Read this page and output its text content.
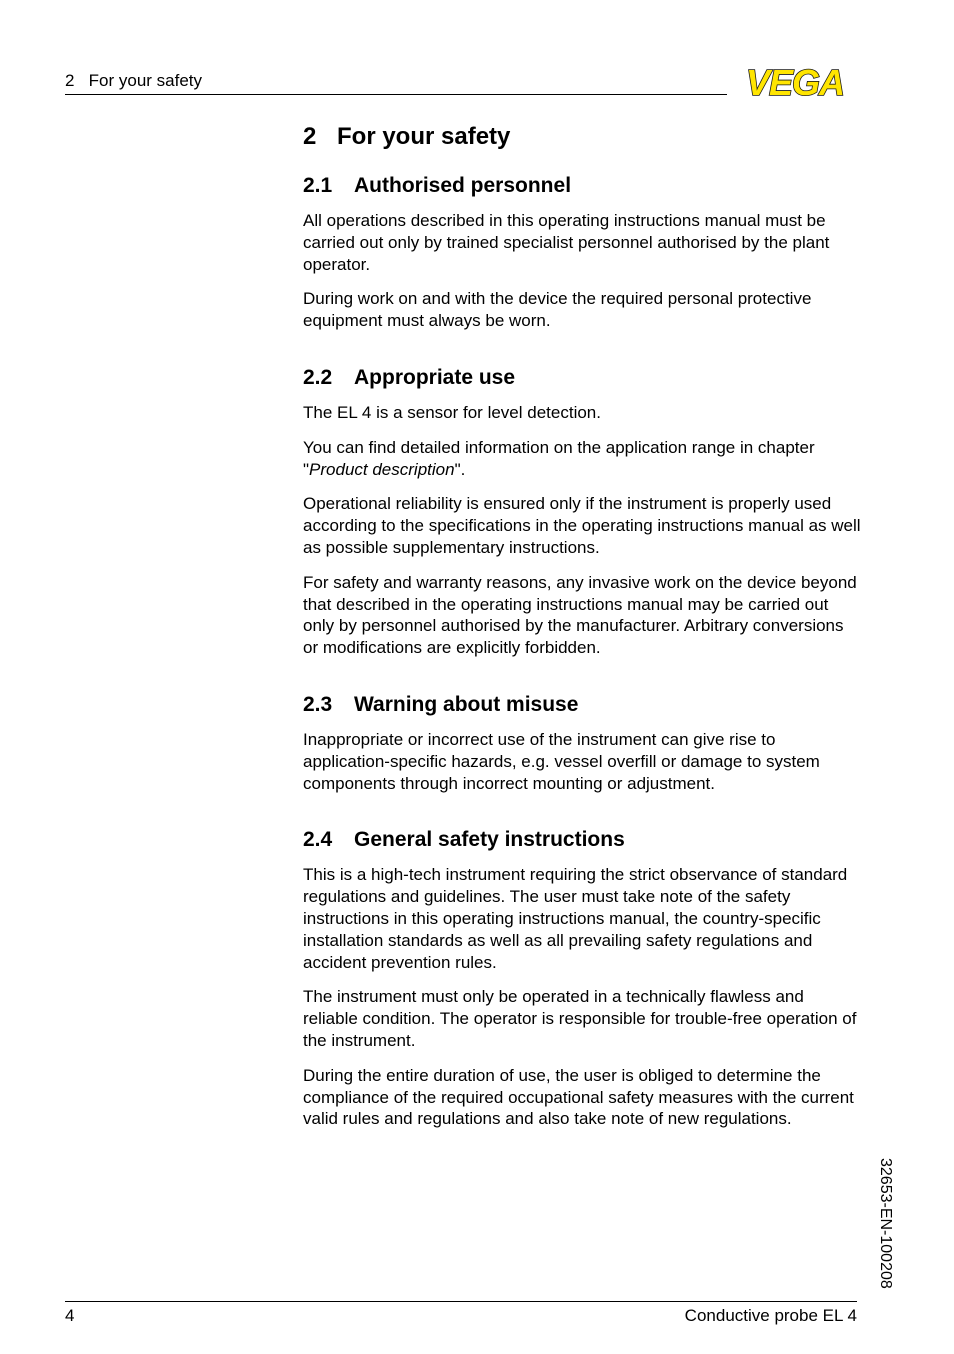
2 For your safety	VEGA
2 For your safety
2.1 Authorised personnel

All operations described in this operating instructions manual must be carried out only by trained specialist personnel authorised by the plant operator.

During work on and with the device the required personal protective equipment must always be worn.

2.2 Appropriate use

The EL 4 is a sensor for level detection.

You can find detailed information on the application range in chapter "Product description".

Operational reliability is ensured only if the instrument is properly used according to the specifications in the operating instructions manual as well as possible supplementary instructions.

For safety and warranty reasons, any invasive work on the device beyond that described in the operating instructions manual may be carried out only by personnel authorised by the manufacturer. Arbitrary conversions or modifications are explicitly forbidden.

2.3 Warning about misuse

Inappropriate or incorrect use of the instrument can give rise to application-specific hazards, e.g. vessel overfill or damage to system components through incorrect mounting or adjustment.

2.4 General safety instructions

This is a high-tech instrument requiring the strict observance of standard regulations and guidelines. The user must take note of the safety instructions in this operating instructions manual, the country-specific installation standards as well as all prevailing safety regulations and accident prevention rules.

The instrument must only be operated in a technically flawless and reliable condition. The operator is responsible for trouble-free operation of the instrument.

During the entire duration of use, the user is obliged to determine the compliance of the required occupational safety measures with the current valid rules and regulations and also take note of new regulations.

32653-EN-100208
4	Conductive probe EL 4
